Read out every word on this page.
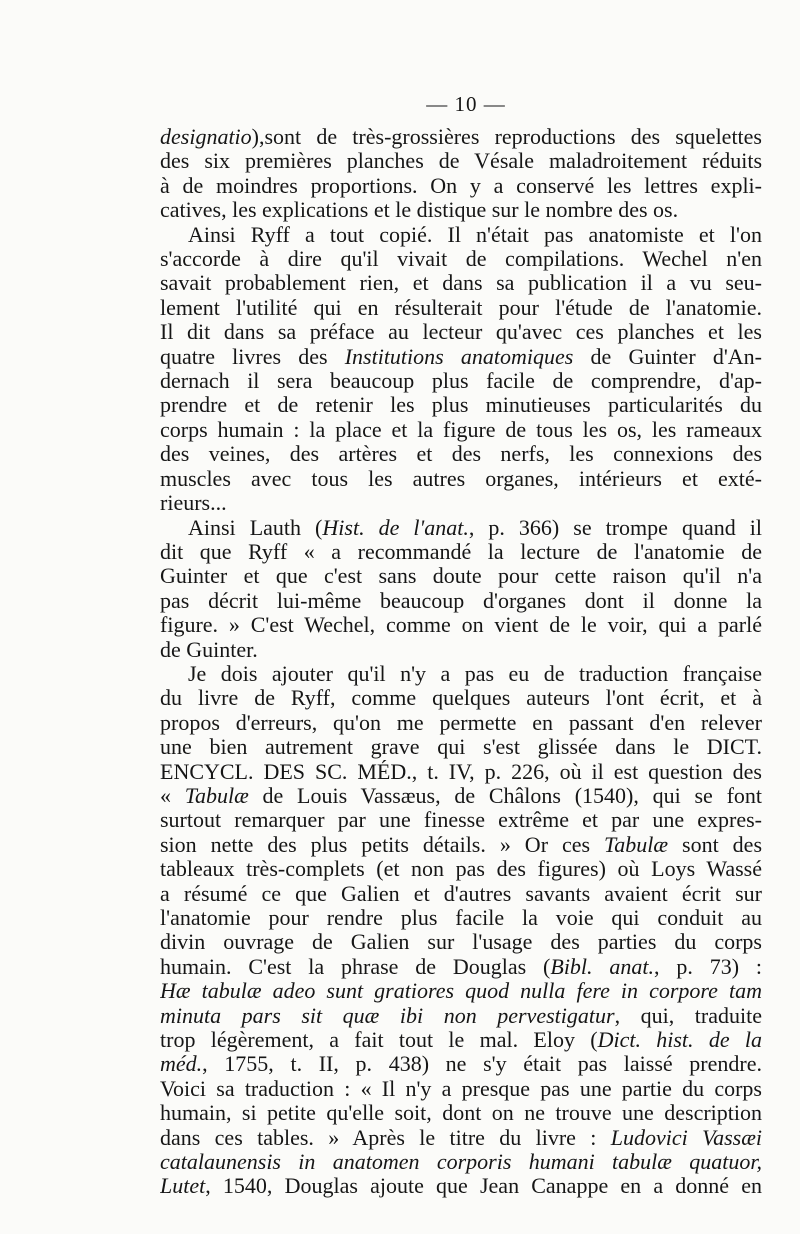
— 10 —
designatio),sont de très-grossières reproductions des squelettes
des six premières planches de Vésale maladroitement réduits
à de moindres proportions. On y a conservé les lettres expli-
catives, les explications et le distique sur le nombre des os.
Ainsi Ryff a tout copié. Il n'était pas anatomiste et l'on
s'accorde à dire qu'il vivait de compilations. Wechel n'en
savait probablement rien, et dans sa publication il a vu seu-
lement l'utilité qui en résulterait pour l'étude de l'anatomie.
Il dit dans sa préface au lecteur qu'avec ces planches et les
quatre livres des Institutions anatomiques de Guinter d'An-
dernach il sera beaucoup plus facile de comprendre, d'ap-
prendre et de retenir les plus minutieuses particularités du
corps humain : la place et la figure de tous les os, les rameaux
des veines, des artères et des nerfs, les connexions des
muscles avec tous les autres organes, intérieurs et exté-
rieurs...
Ainsi Lauth (Hist. de l'anat., p. 366) se trompe quand il
dit que Ryff « a recommandé la lecture de l'anatomie de
Guinter et que c'est sans doute pour cette raison qu'il n'a
pas décrit lui-même beaucoup d'organes dont il donne la
figure. » C'est Wechel, comme on vient de le voir, qui a parlé
de Guinter.
Je dois ajouter qu'il n'y a pas eu de traduction française
du livre de Ryff, comme quelques auteurs l'ont écrit, et à
propos d'erreurs, qu'on me permette en passant d'en relever
une bien autrement grave qui s'est glissée dans le DICT.
ENCYCL. DES SC. MÉD., t. IV, p. 226, où il est question des
« Tabulæ de Louis Vassæus, de Châlons (1540), qui se font
surtout remarquer par une finesse extrême et par une expres-
sion nette des plus petits détails. » Or ces Tabulæ sont des
tableaux très-complets (et non pas des figures) où Loys Wassé
a résumé ce que Galien et d'autres savants avaient écrit sur
l'anatomie pour rendre plus facile la voie qui conduit au
divin ouvrage de Galien sur l'usage des parties du corps
humain. C'est la phrase de Douglas (Bibl. anat., p. 73) :
Hæ tabulæ adeo sunt gratiores quod nulla fere in corpore tam
minuta pars sit quæ ibi non pervestigatur, qui, traduite
trop légèrement, a fait tout le mal. Eloy (Dict. hist. de la
méd., 1755, t. II, p. 438) ne s'y était pas laissé prendre.
Voici sa traduction : « Il n'y a presque pas une partie du corps
humain, si petite qu'elle soit, dont on ne trouve une description
dans ces tables. » Après le titre du livre : Ludovici Vassæi
catalaunensis in anatomen corporis humani tabulæ quatuor,
Lutet, 1540, Douglas ajoute que Jean Canappe en a donné en
